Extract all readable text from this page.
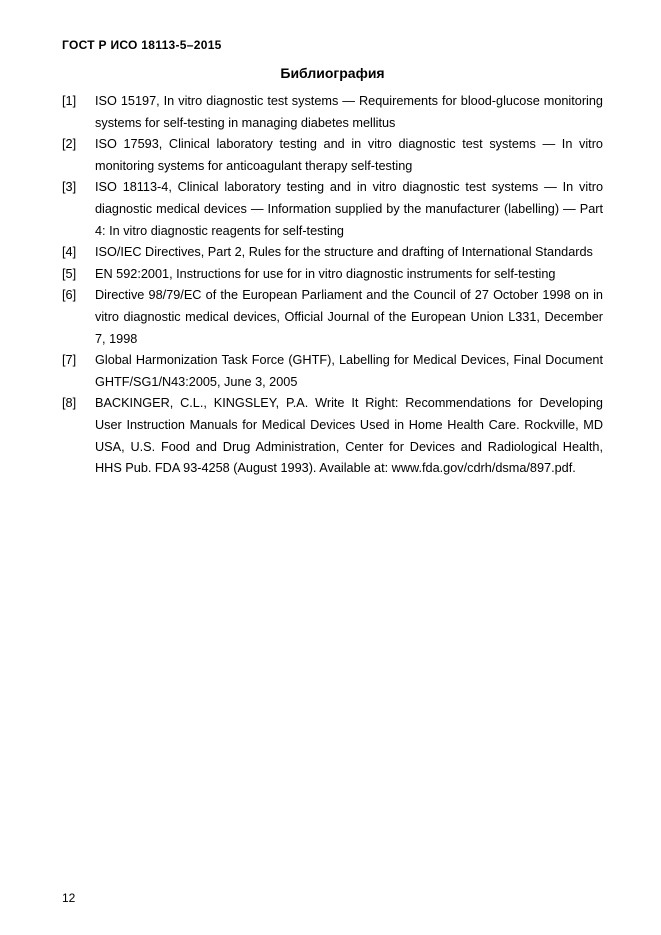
ГОСТ Р ИСО 18113-5–2015
Библиография
[1]	ISO 15197, In vitro diagnostic test systems — Requirements for blood-glucose monitoring systems for self-testing in managing diabetes mellitus
[2]	ISO 17593, Clinical laboratory testing and in vitro diagnostic test systems — In vitro monitoring systems for anticoagulant therapy self-testing
[3]	ISO 18113-4, Clinical laboratory testing and in vitro diagnostic test systems — In vitro diagnostic medical devices — Information supplied by the manufacturer (labelling) — Part 4: In vitro diagnostic reagents for self-testing
[4]	ISO/IEC Directives, Part 2, Rules for the structure and drafting of International Standards
[5]	EN 592:2001, Instructions for use for in vitro diagnostic instruments for self-testing
[6]	Directive 98/79/EC of the European Parliament and the Council of 27 October 1998 on in vitro diagnostic medical devices, Official Journal of the European Union L331, December 7, 1998
[7]	Global Harmonization Task Force (GHTF), Labelling for Medical Devices, Final Document GHTF/SG1/N43:2005, June 3, 2005
[8]	BACKINGER, C.L., KINGSLEY, P.A. Write It Right: Recommendations for Developing User Instruction Manuals for Medical Devices Used in Home Health Care. Rockville, MD USA, U.S. Food and Drug Administration, Center for Devices and Radiological Health, HHS Pub. FDA 93-4258 (August 1993). Available at: www.fda.gov/cdrh/dsma/897.pdf.
12
